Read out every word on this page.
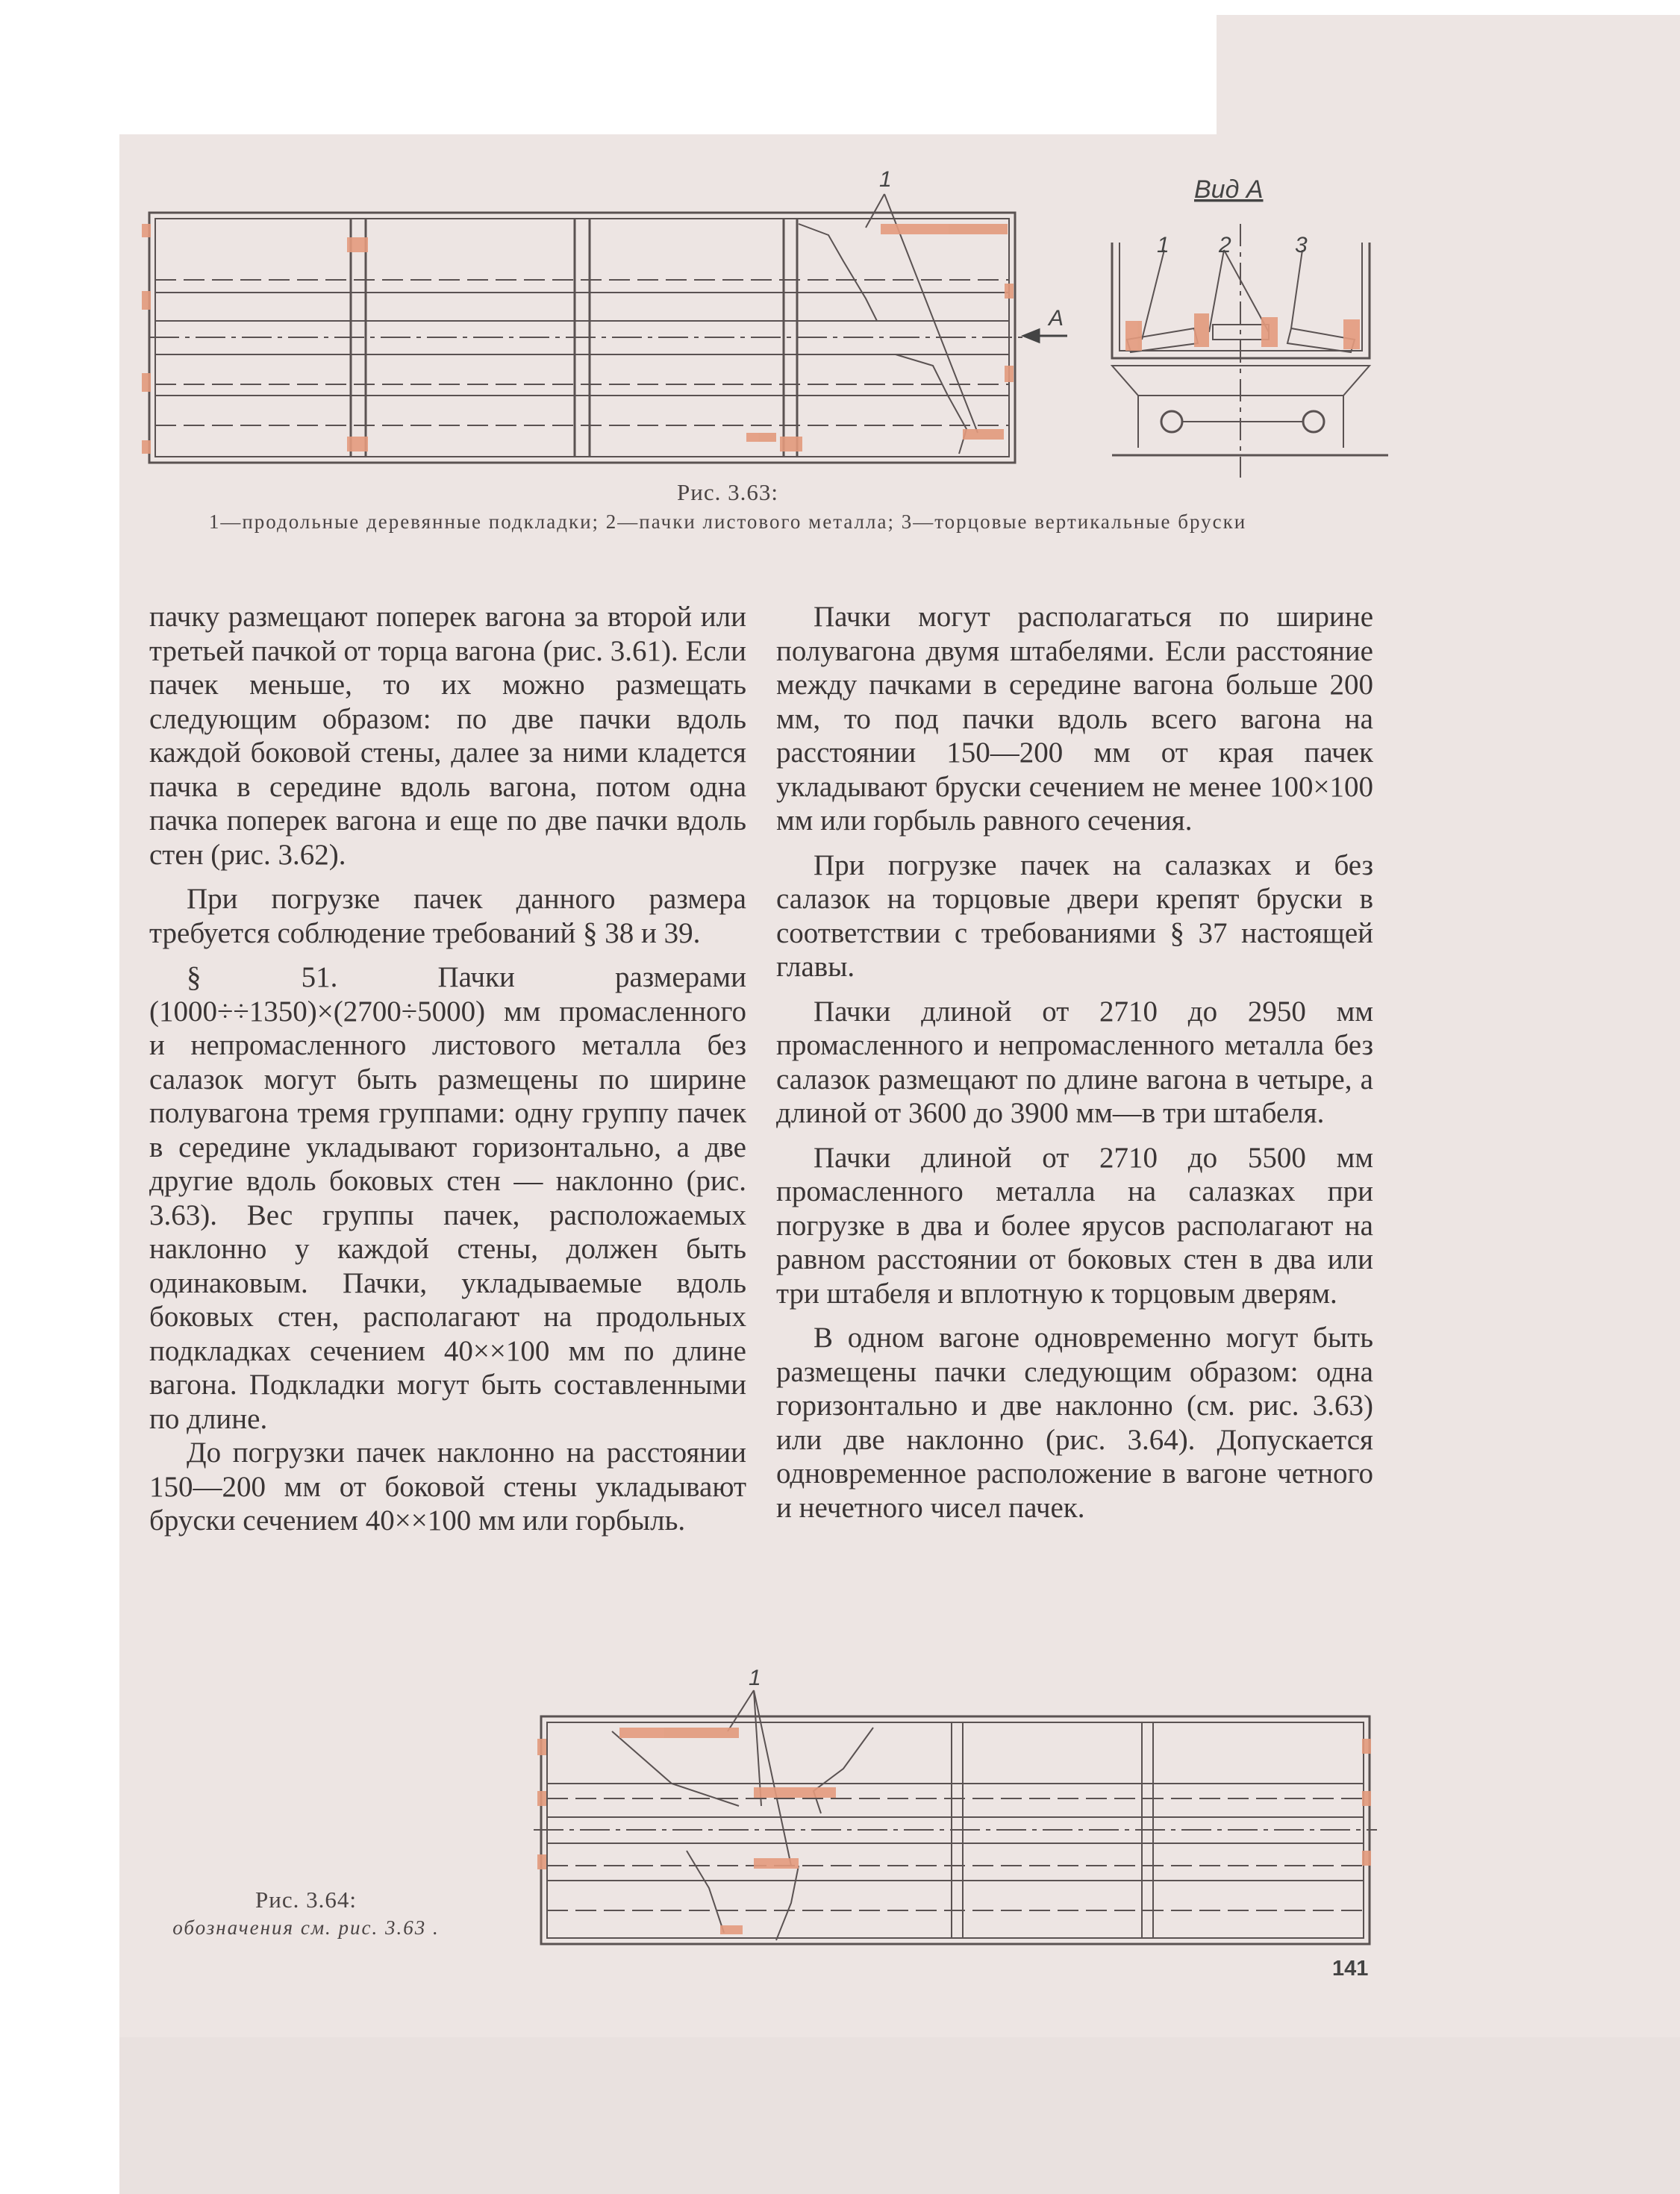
1
A
Вид А
1 2	3
1
Рис. 3.63:
1—продольные деревянные подкладки; 2—пачки листового металла; 3—торцовые вертикальные бруски

пачку размещают поперек вагона за второй или третьей пачкой от торца вагона (рис. 3.61). Если пачек меньше, то их можно размещать следующим образом: по две пачки вдоль каждой боковой стены, далее за ними кладется пачка в середине вдоль вагона, потом одна пачка поперек вагона и еще по две пачки вдоль стен (рис. 3.62).

При погрузке пачек данного размера требуется соблюдение требований § 38 и 39.

§ 51. Пачки размерами (1000÷÷1350)×(2700÷5000) мм промасленного и непромасленного листового металла без салазок могут быть размещены по ширине полувагона тремя группами: одну группу пачек в середине укладывают горизонтально, а две другие вдоль боковых стен — наклонно (рис. 3.63). Вес группы пачек, расположаемых наклонно у каждой стены, должен быть одинаковым. Пачки, укладываемые вдоль боковых стен, располагают на продольных подкладках сечением 40××100 мм по длине вагона. Подкладки могут быть составленными по длине.

До погрузки пачек наклонно на расстоянии 150—200 мм от боковой стены укладывают бруски сечением 40××100 мм или горбыль.

Пачки могут располагаться по ширине полувагона двумя штабелями. Если расстояние между пачками в середине вагона больше 200 мм, то под пачки вдоль всего вагона на расстоянии 150—200 мм от края пачек укладывают бруски сечением не менее 100×100 мм или горбыль равного сечения.

При погрузке пачек на салазках и без салазок на торцовые двери крепят бруски в соответствии с требованиями § 37 настоящей главы.

Пачки длиной от 2710 до 2950 мм промасленного и непромасленного металла без салазок размещают по длине вагона в четыре, а длиной от 3600 до 3900 мм—в три штабеля.

Пачки длиной от 2710 до 5500 мм промасленного металла на салазках при погрузке в два и более ярусов располагают на равном расстоянии от боковых стен в два или три штабеля и вплотную к торцовым дверям.

В одном вагоне одновременно могут быть размещены пачки следующим образом: одна горизонтально и две наклонно (см. рис. 3.63) или две наклонно (рис. 3.64). Допускается одновременное расположение в вагоне четного и нечетного чисел пачек.

Рис. 3.64:
обозначения см. рис. 3.63 .
141
